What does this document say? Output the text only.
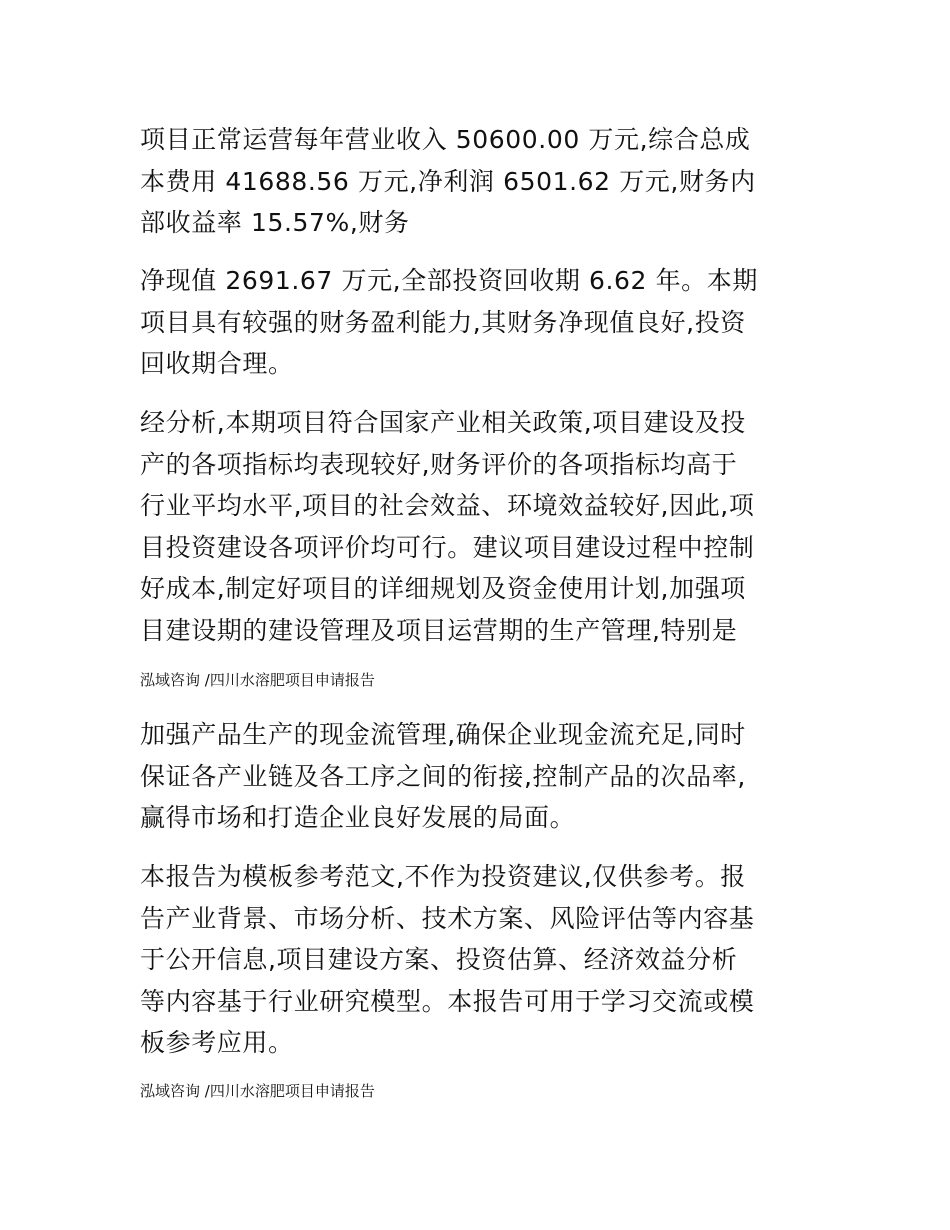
项目正常运营每年营业收入 50600.00 万元,综合总成
本费用 41688.56 万元,净利润 6501.62 万元,财务内
部收益率 15.57%,财务

净现值 2691.67 万元,全部投资回收期 6.62 年。本期
项目具有较强的财务盈利能力,其财务净现值良好,投资
回收期合理。

经分析,本期项目符合国家产业相关政策,项目建设及投
产的各项指标均表现较好,财务评价的各项指标均高于
行业平均水平,项目的社会效益、环境效益较好,因此,项
目投资建设各项评价均可行。建议项目建设过程中控制
好成本,制定好项目的详细规划及资金使用计划,加强项
目建设期的建设管理及项目运营期的生产管理,特别是

泓域咨询 /四川水溶肥项目申请报告

加强产品生产的现金流管理,确保企业现金流充足,同时
保证各产业链及各工序之间的衔接,控制产品的次品率,
赢得市场和打造企业良好发展的局面。

本报告为模板参考范文,不作为投资建议,仅供参考。报
告产业背景、市场分析、技术方案、风险评估等内容基
于公开信息,项目建设方案、投资估算、经济效益分析
等内容基于行业研究模型。本报告可用于学习交流或模
板参考应用。

泓域咨询 /四川水溶肥项目申请报告
